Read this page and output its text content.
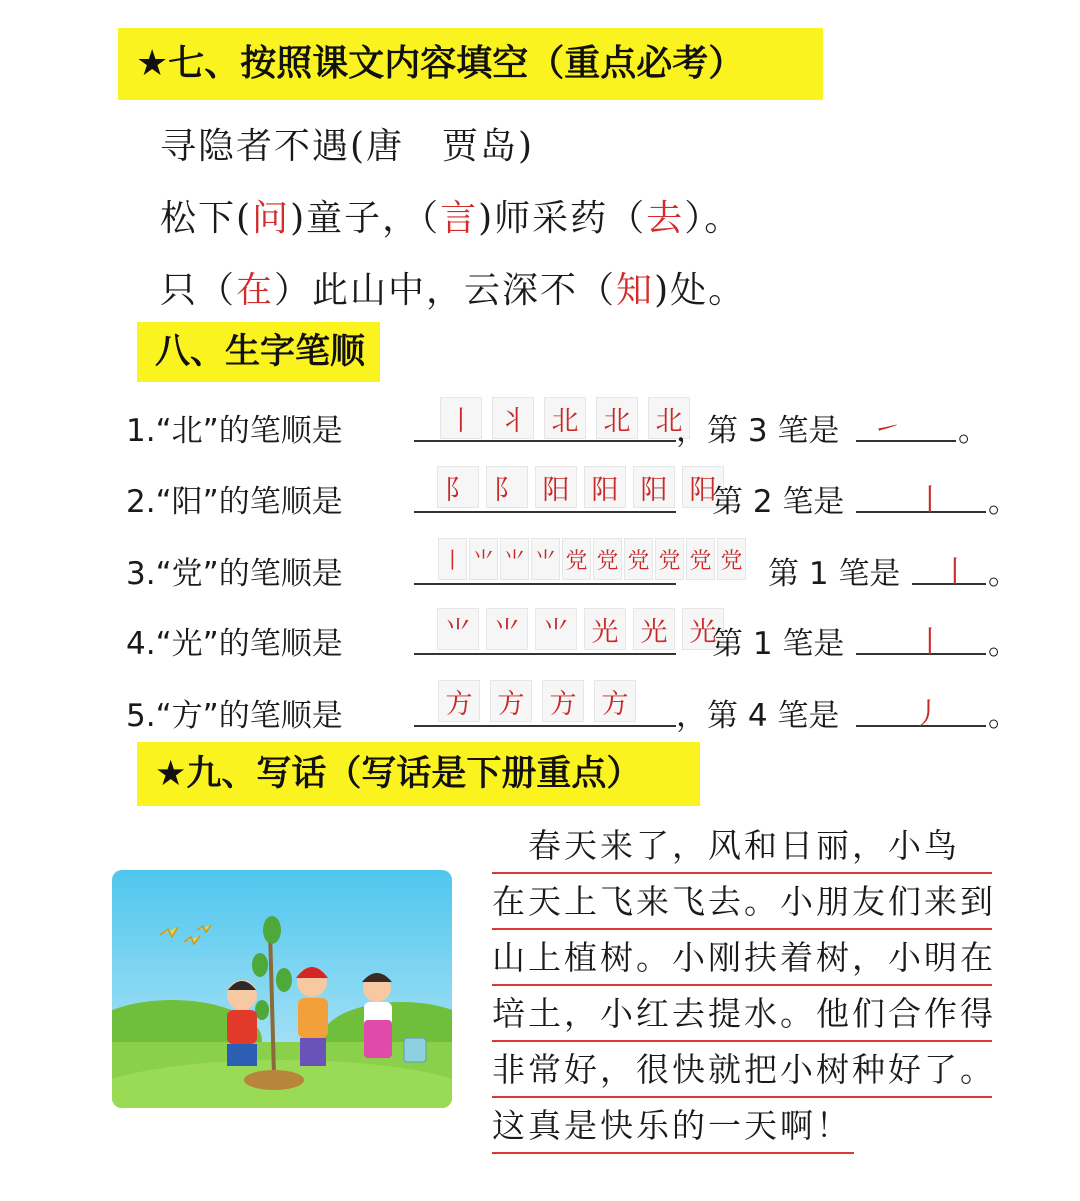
★七、按照课文内容填空（重点必考）
寻隐者不遇(唐　贾岛)
松下(问)童子，（言)师采药（去）。
只（在）此山中，云深不（知)处。
八、生字笔顺
1.“北”的笔顺是	丨 丬 北 北 北
，第 3 笔是 ㇀ 。
2.“阳”的笔顺是	阝 阝 阳 阳 阳 阳
第 2 笔是 丨 。
3.“党”的笔顺是	丨 ⺌ ⺌ ⺌ 党 党 党 党 党 党 第 1 笔是 丨 。
4.“光”的笔顺是	⺌ ⺌ ⺌ 光 光 光
第 1 笔是 丨 。
5.“方”的笔顺是	方 方 方 方 ，第 4 笔是 丿 。
★九、写话（写话是下册重点）
　春天来了，风和日丽，小鸟
在天上飞来飞去。小朋友们来到
山上植树。小刚扶着树，小明在
培土，小红去提水。他们合作得
非常好，很快就把小树种好了。
这真是快乐的一天啊！
